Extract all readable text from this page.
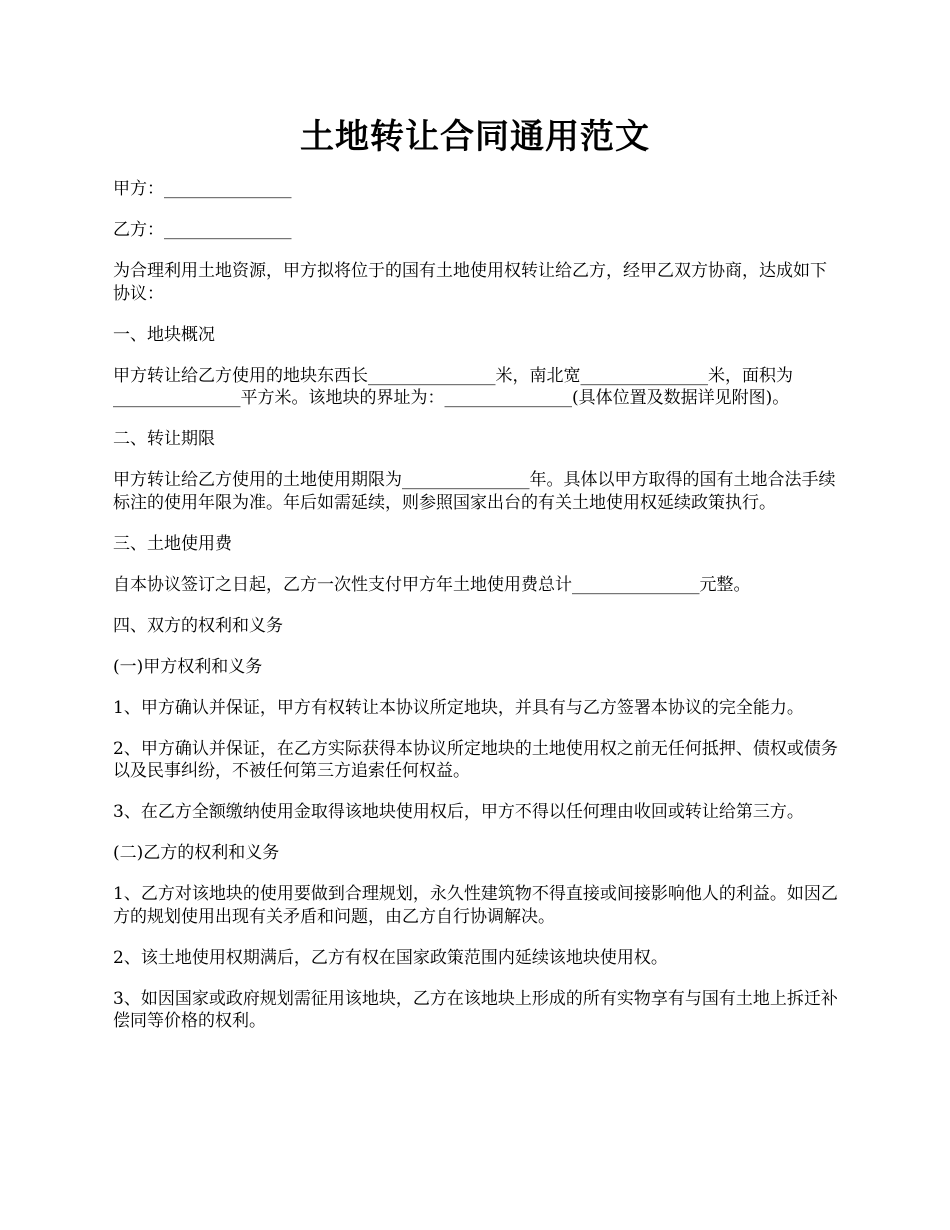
土地转让合同通用范文

甲方：_______________

乙方：_______________

为合理利用土地资源，甲方拟将位于的国有土地使用权转让给乙方，经甲乙双方协商，达成如下协议：

一、地块概况

甲方转让给乙方使用的地块东西长_______________米，南北宽_______________米，面积为_______________平方米。该地块的界址为：_______________(具体位置及数据详见附图)。

二、转让期限

甲方转让给乙方使用的土地使用期限为_______________年。具体以甲方取得的国有土地合法手续标注的使用年限为准。年后如需延续，则参照国家出台的有关土地使用权延续政策执行。

三、土地使用费

自本协议签订之日起，乙方一次性支付甲方年土地使用费总计_______________元整。

四、双方的权利和义务

(一)甲方权利和义务

1、甲方确认并保证，甲方有权转让本协议所定地块，并具有与乙方签署本协议的完全能力。

2、甲方确认并保证，在乙方实际获得本协议所定地块的土地使用权之前无任何抵押、债权或债务以及民事纠纷，不被任何第三方追索任何权益。

3、在乙方全额缴纳使用金取得该地块使用权后，甲方不得以任何理由收回或转让给第三方。

(二)乙方的权利和义务

1、乙方对该地块的使用要做到合理规划，永久性建筑物不得直接或间接影响他人的利益。如因乙方的规划使用出现有关矛盾和问题，由乙方自行协调解决。

2、该土地使用权期满后，乙方有权在国家政策范围内延续该地块使用权。

3、如因国家或政府规划需征用该地块，乙方在该地块上形成的所有实物享有与国有土地上拆迁补偿同等价格的权利。
